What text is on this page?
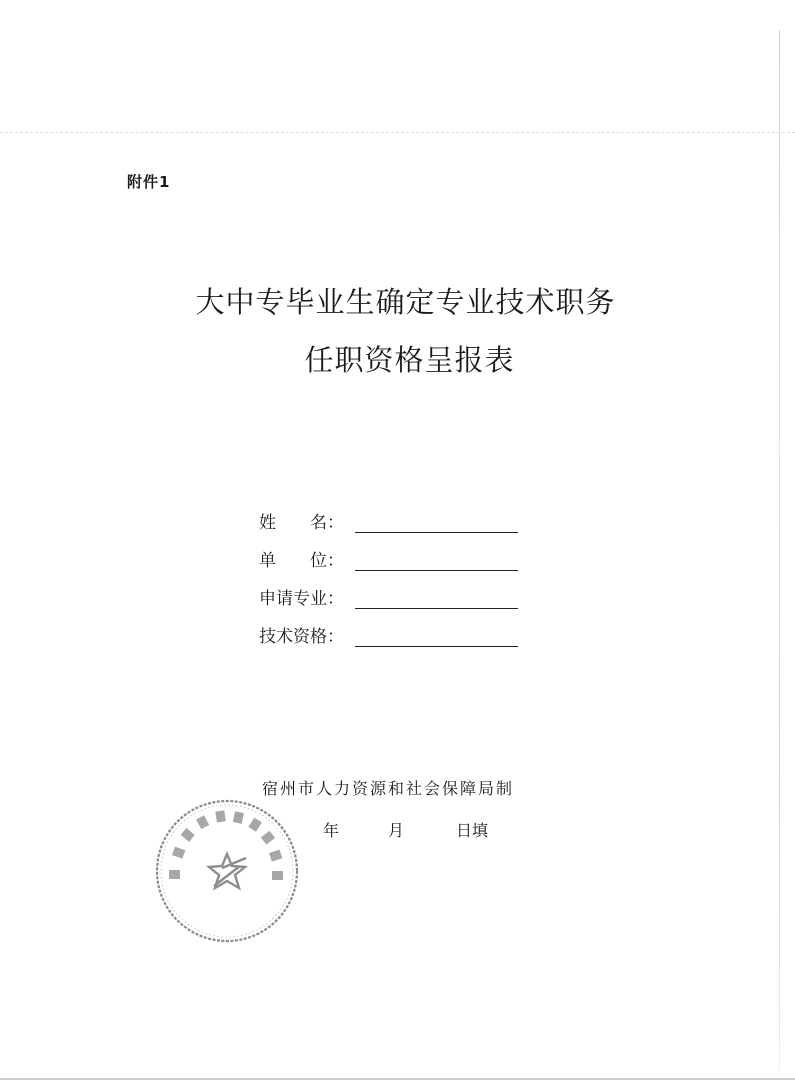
附件1
大中专毕业生确定专业技术职务
任职资格呈报表
姓　　名：
单　　位：
申请专业：
技术资格：
宿州市人力资源和社会保障局制
年	月	日填
